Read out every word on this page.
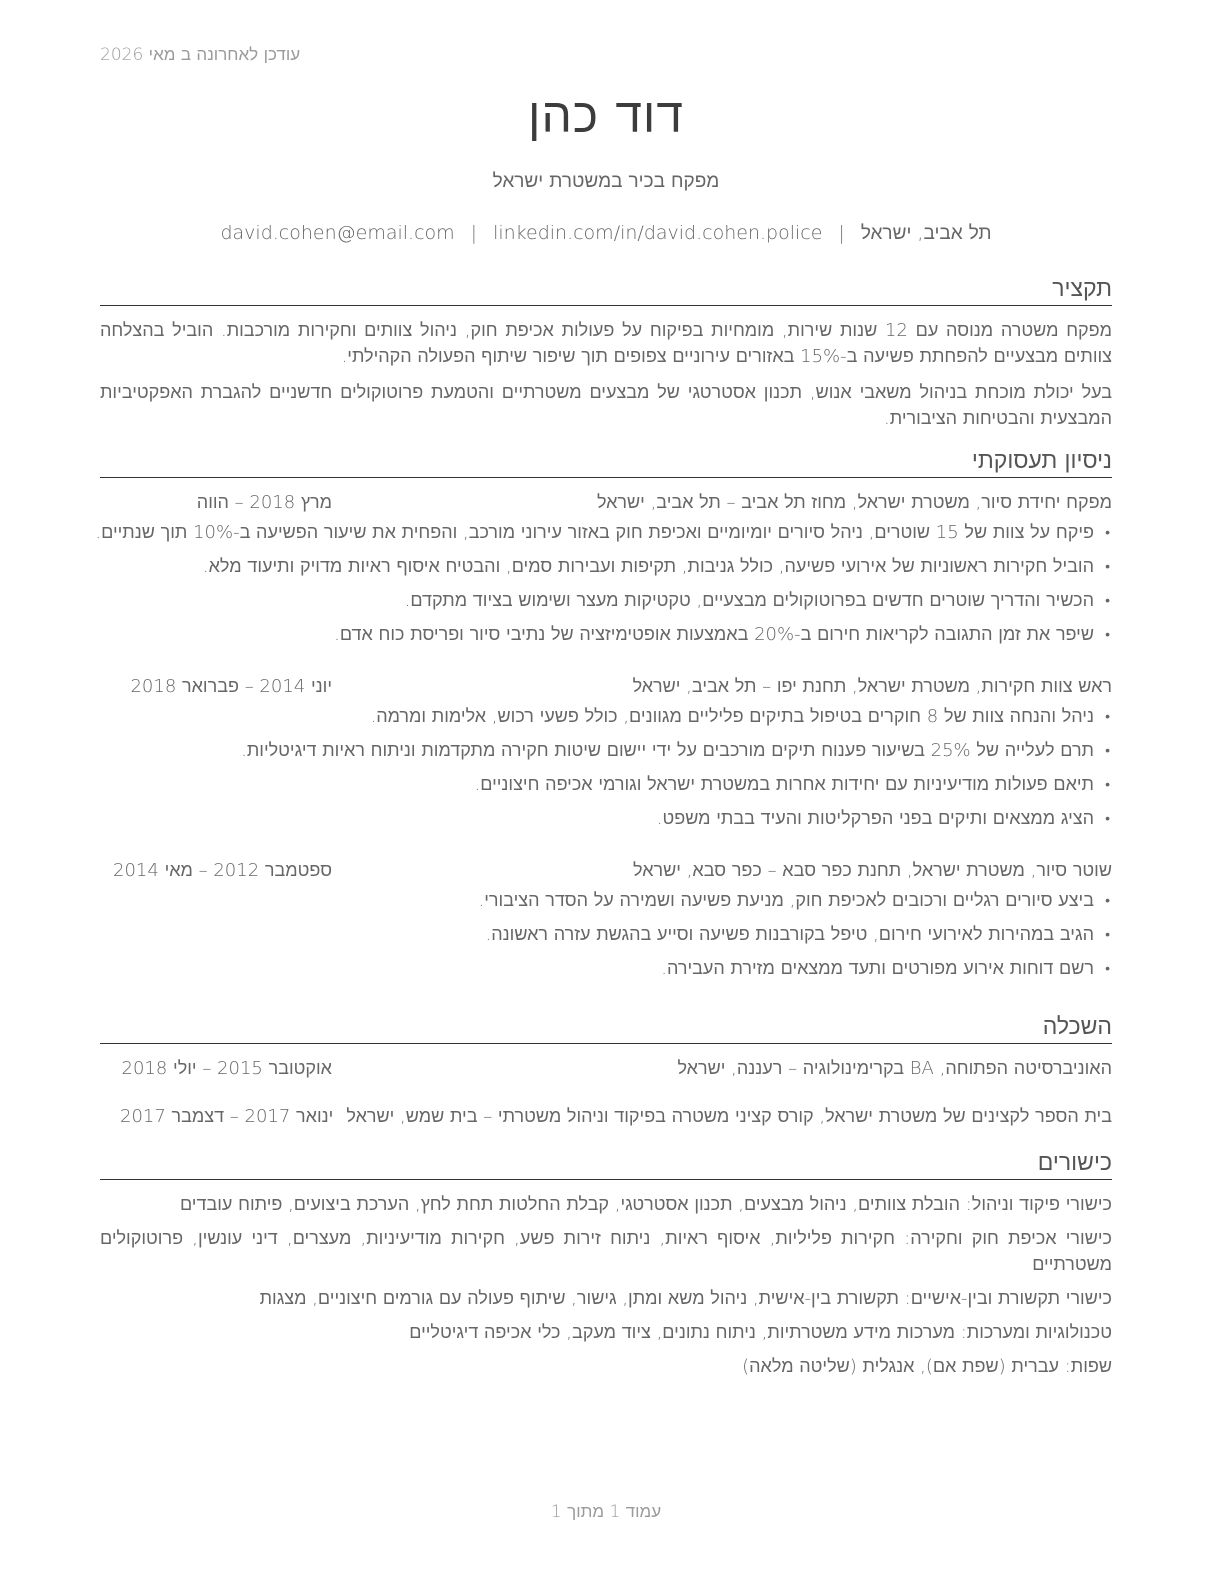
עודכן לאחרונה ב מאי 2026
דוד כהן
מפקח בכיר במשטרת ישראל
תל אביב, ישראל|david.cohen@email.com | linkedin.com/in/david.cohen.police
תקציר

מפקח משטרה מנוסה עם 12 שנות שירות, מומחיות בפיקוח על פעולות אכיפת חוק, ניהול צוותים וחקירות מורכבות. הוביל בהצלחה צוותים מבצעיים להפחתת פשיעה ב-15% באזורים עירוניים צפופים תוך שיפור שיתוף הפעולה הקהילתי.

בעל יכולת מוכחת בניהול משאבי אנוש, תכנון אסטרטגי של מבצעים משטרתיים והטמעת פרוטוקולים חדשניים להגברת האפקטיביות המבצעית והבטיחות הציבורית.

ניסיון תעסוקתי
מפקח יחידת סיור, משטרת ישראל, מחוז תל אביב – תל אביב, ישראל
מרץ 2018 – הווה
•
פיקח על צוות של 15 שוטרים, ניהל סיורים יומיומיים ואכיפת חוק באזור עירוני מורכב, והפחית את שיעור הפשיעה ב-10% תוך שנתיים.
•
הוביל חקירות ראשוניות של אירועי פשיעה, כולל גניבות, תקיפות ועבירות סמים, והבטיח איסוף ראיות מדויק ותיעוד מלא.
•
הכשיר והדריך שוטרים חדשים בפרוטוקולים מבצעיים, טקטיקות מעצר ושימוש בציוד מתקדם.
•
שיפר את זמן התגובה לקריאות חירום ב-20% באמצעות אופטימיזציה של נתיבי סיור ופריסת כוח אדם.
ראש צוות חקירות, משטרת ישראל, תחנת יפו – תל אביב, ישראל
יוני 2014 – פברואר 2018
•
ניהל והנחה צוות של 8 חוקרים בטיפול בתיקים פליליים מגוונים, כולל פשעי רכוש, אלימות ומרמה.
•
תרם לעלייה של 25% בשיעור פענוח תיקים מורכבים על ידי יישום שיטות חקירה מתקדמות וניתוח ראיות דיגיטליות.
•
תיאם פעולות מודיעיניות עם יחידות אחרות במשטרת ישראל וגורמי אכיפה חיצוניים.
•
הציג ממצאים ותיקים בפני הפרקליטות והעיד בבתי משפט.
שוטר סיור, משטרת ישראל, תחנת כפר סבא – כפר סבא, ישראל
ספטמבר 2012 – מאי 2014
•
ביצע סיורים רגליים ורכובים לאכיפת חוק, מניעת פשיעה ושמירה על הסדר הציבורי.
•
הגיב במהירות לאירועי חירום, טיפל בקורבנות פשיעה וסייע בהגשת עזרה ראשונה.
•
רשם דוחות אירוע מפורטים ותעד ממצאים מזירת העבירה.
השכלה
האוניברסיטה הפתוחה, BA בקרימינולוגיה – רעננה, ישראל
אוקטובר 2015 – יולי 2018
בית הספר לקצינים של משטרת ישראל, קורס קציני משטרה בפיקוד וניהול משטרתי – בית שמש, ישראל
ינואר 2017 – דצמבר 2017
כישורים
כישורי פיקוד וניהול: הובלת צוותים, ניהול מבצעים, תכנון אסטרטגי, קבלת החלטות תחת לחץ, הערכת ביצועים, פיתוח עובדים
כישורי אכיפת חוק וחקירה: חקירות פליליות, איסוף ראיות, ניתוח זירות פשע, חקירות מודיעיניות, מעצרים, דיני עונשין, פרוטוקולים משטרתיים
כישורי תקשורת ובין-אישיים: תקשורת בין-אישית, ניהול משא ומתן, גישור, שיתוף פעולה עם גורמים חיצוניים, מצגות
טכנולוגיות ומערכות: מערכות מידע משטרתיות, ניתוח נתונים, ציוד מעקב, כלי אכיפה דיגיטליים
שפות: עברית (שפת אם), אנגלית (שליטה מלאה)
עמוד 1 מתוך 1
